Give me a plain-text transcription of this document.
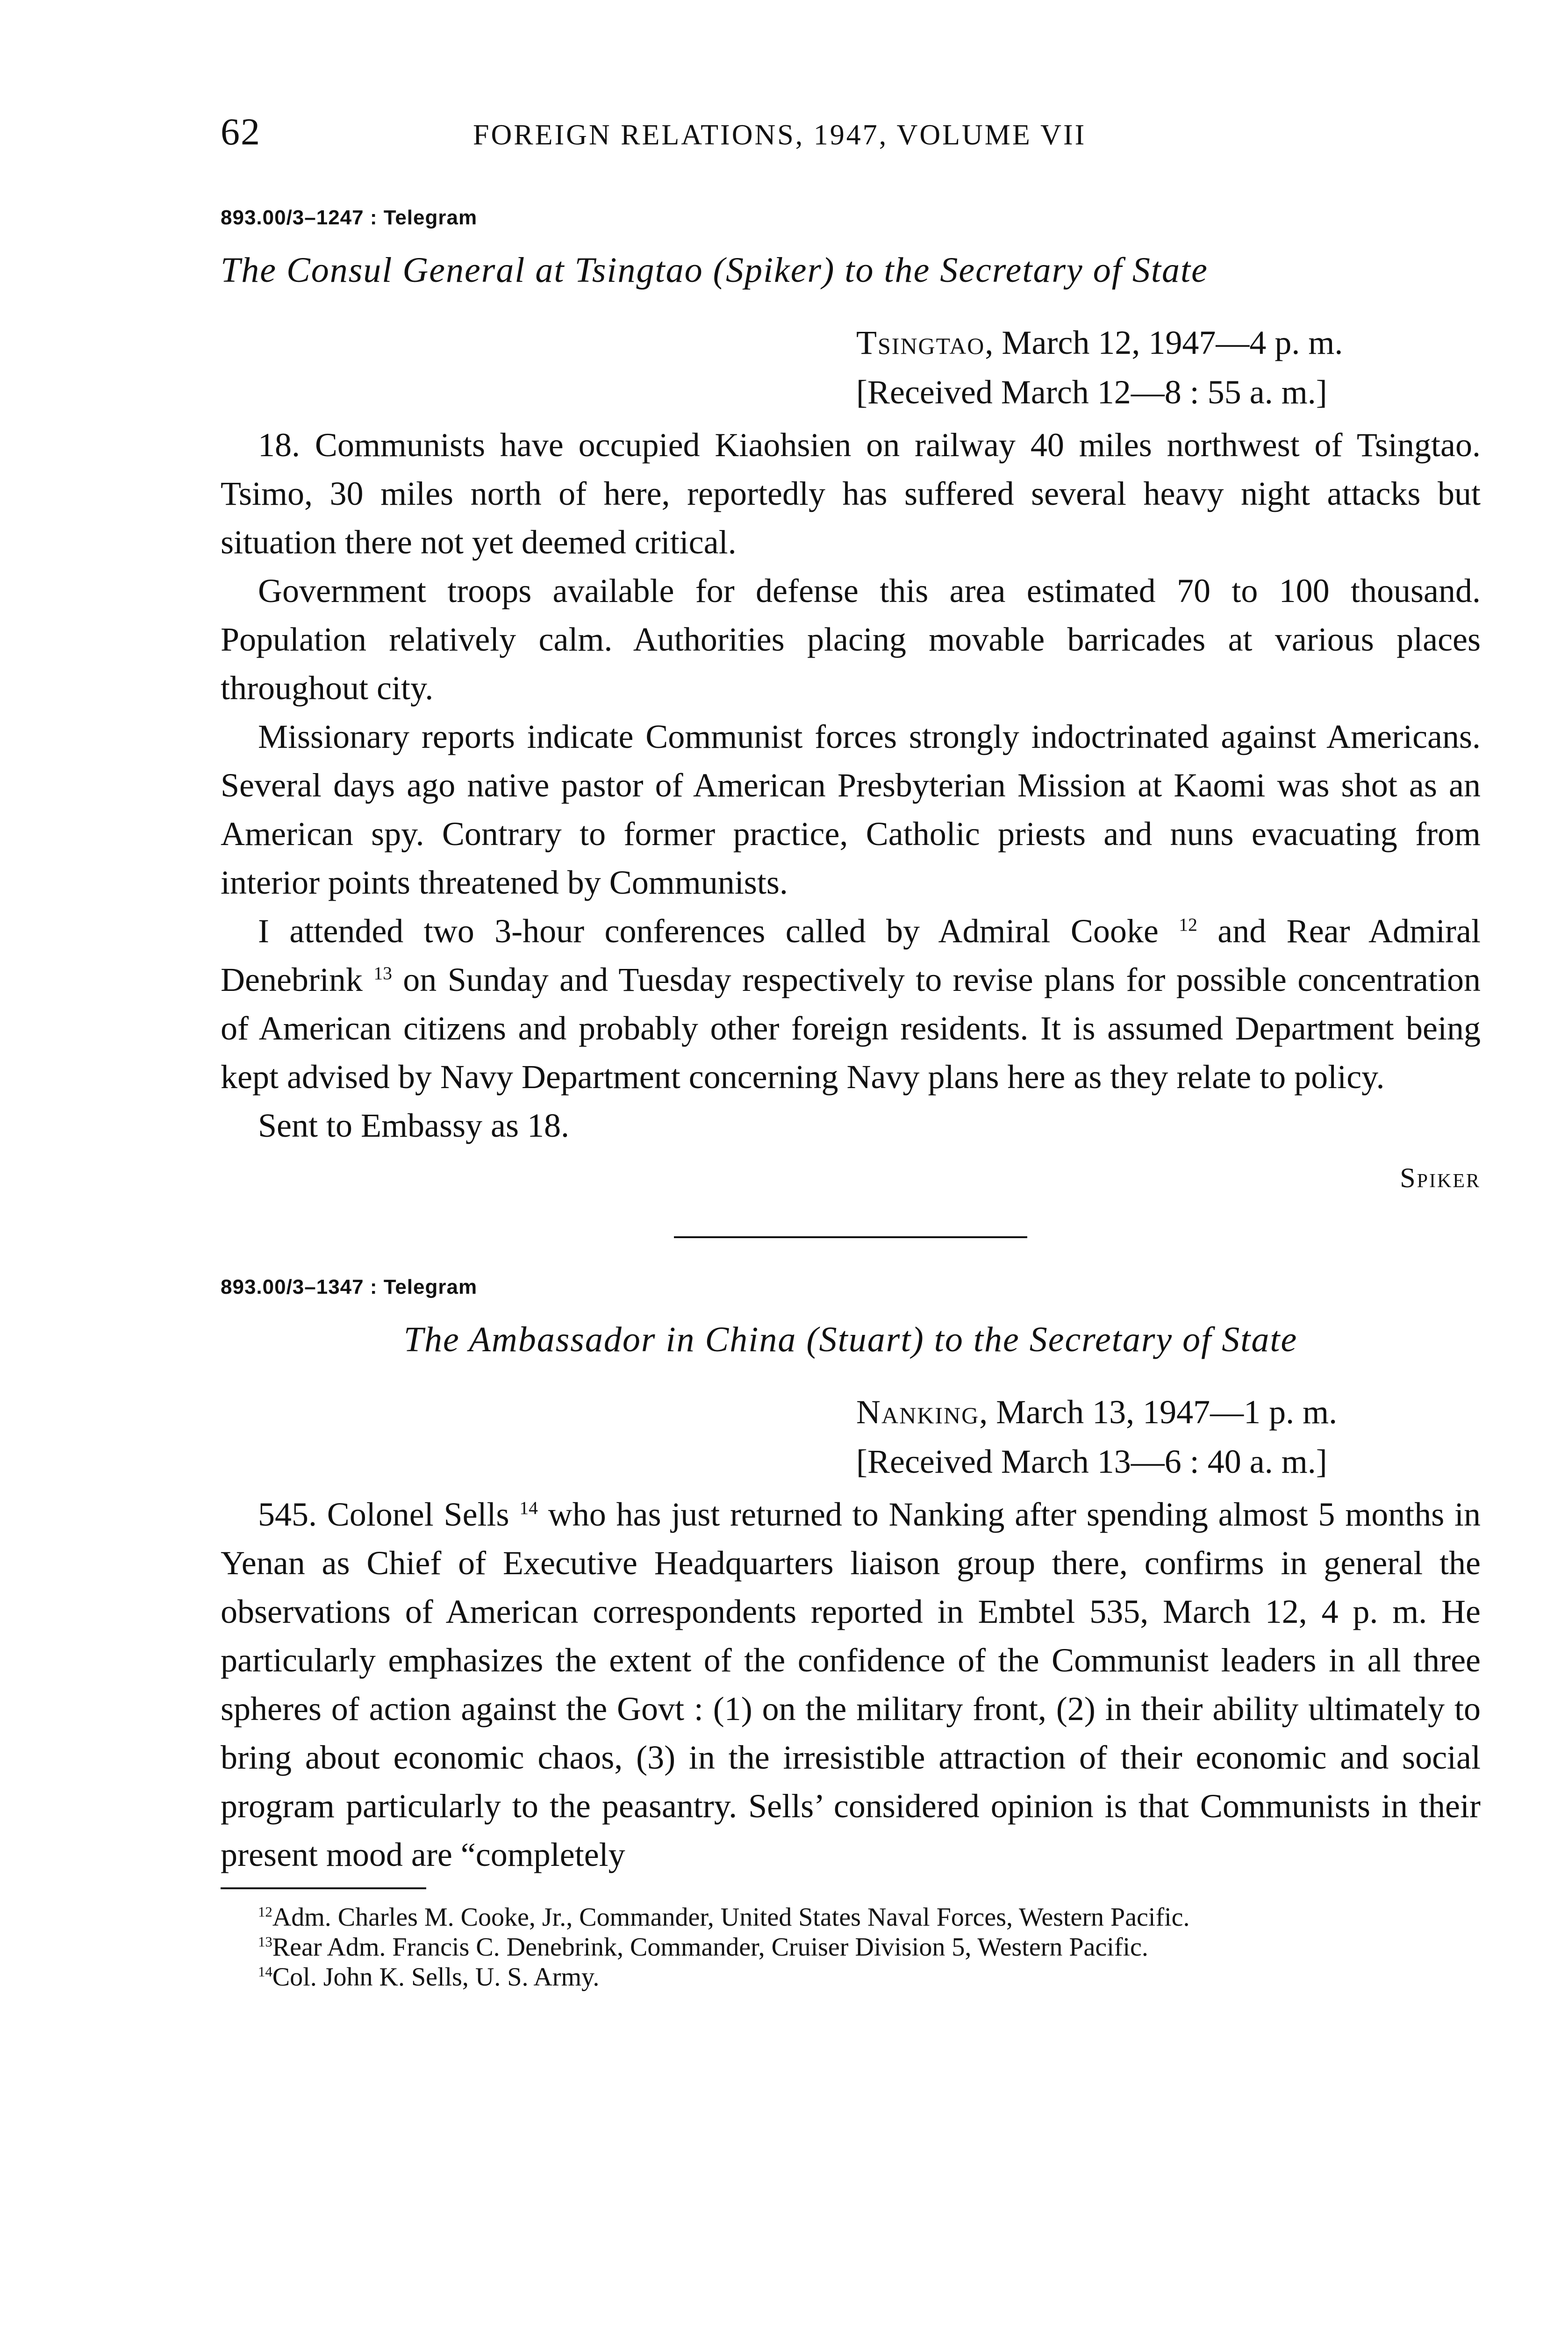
62	FOREIGN RELATIONS, 1947, VOLUME VII
893.00/3–1247 : Telegram
The Consul General at Tsingtao (Spiker) to the Secretary of State
Tsingtao, March 12, 1947—4 p. m.
[Received March 12—8 : 55 a. m.]

18. Communists have occupied Kiaohsien on railway 40 miles northwest of Tsingtao. Tsimo, 30 miles north of here, reportedly has suffered several heavy night attacks but situation there not yet deemed critical.

Government troops available for defense this area estimated 70 to 100 thousand. Population relatively calm. Authorities placing movable barricades at various places throughout city.

Missionary reports indicate Communist forces strongly indoctrinated against Americans. Several days ago native pastor of American Presbyterian Mission at Kaomi was shot as an American spy. Contrary to former practice, Catholic priests and nuns evacuating from interior points threatened by Communists.

I attended two 3-hour conferences called by Admiral Cooke $^{12}$ and Rear Admiral Denebrink $^{13}$ on Sunday and Tuesday respectively to revise plans for possible concentration of American citizens and probably other foreign residents. It is assumed Department being kept advised by Navy Department concerning Navy plans here as they relate to policy.

Sent to Embassy as 18.

Spiker
893.00/3–1347 : Telegram
The Ambassador in China (Stuart) to the Secretary of State
Nanking, March 13, 1947—1 p. m.
[Received March 13—6 : 40 a. m.]

545. Colonel Sells $^{14}$ who has just returned to Nanking after spending almost 5 months in Yenan as Chief of Executive Headquarters liaison group there, confirms in general the observations of American correspondents reported in Embtel 535, March 12, 4 p. m. He particularly emphasizes the extent of the confidence of the Communist leaders in all three spheres of action against the Govt : (1) on the military front, (2) in their ability ultimately to bring about economic chaos, (3) in the irresistible attraction of their economic and social program particularly to the peasantry. Sells’ considered opinion is that Communists in their present mood are “completely

$^{12}$Adm. Charles M. Cooke, Jr., Commander, United States Naval Forces, Western Pacific.

$^{13}$Rear Adm. Francis C. Denebrink, Commander, Cruiser Division 5, Western Pacific.

$^{14}$Col. John K. Sells, U. S. Army.
